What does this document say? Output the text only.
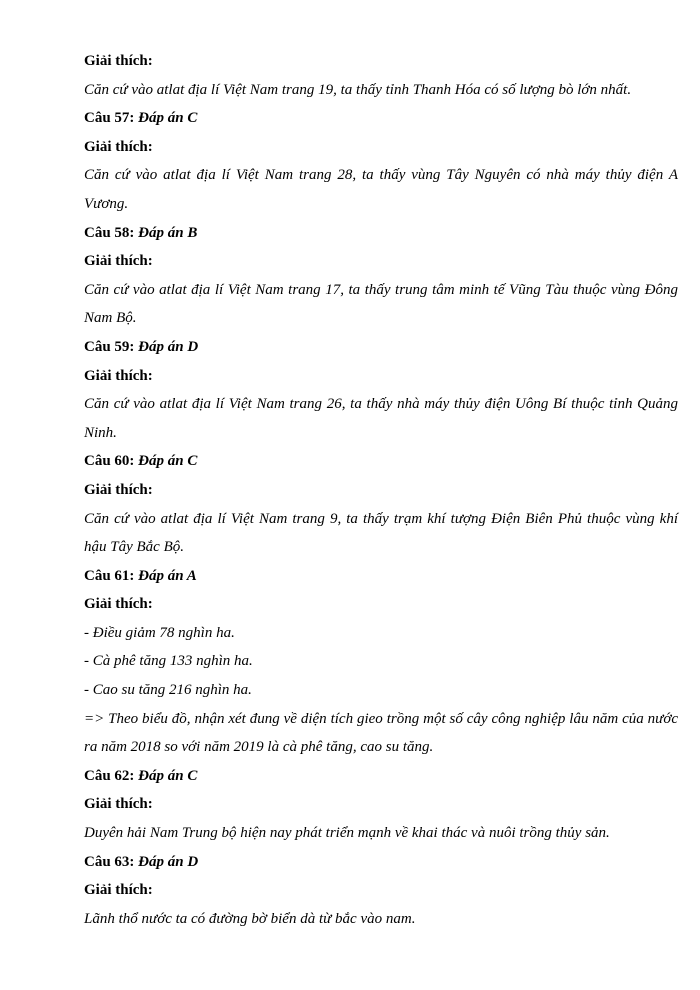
Giải thích:

Căn cứ vào atlat địa lí Việt Nam trang 19, ta thấy tỉnh Thanh Hóa có số lượng bò lớn nhất.

Câu 57: Đáp án C

Giải thích:

Căn cứ vào atlat địa lí Việt Nam trang 28, ta thấy vùng Tây Nguyên có nhà máy thủy điện A Vương.

Câu 58: Đáp án B

Giải thích:

Căn cứ vào atlat địa lí Việt Nam trang 17, ta thấy trung tâm minh tế Vũng Tàu thuộc vùng Đông Nam Bộ.

Câu 59: Đáp án D

Giải thích:

Căn cứ vào atlat địa lí Việt Nam trang 26, ta thấy nhà máy thủy điện Uông Bí thuộc tỉnh Quảng Ninh.

Câu 60: Đáp án C

Giải thích:

Căn cứ vào atlat địa lí Việt Nam trang 9, ta thấy trạm khí tượng Điện Biên Phủ thuộc vùng khí hậu Tây Bắc Bộ.

Câu 61: Đáp án A

Giải thích:

- Điều giảm 78 nghìn ha.

- Cà phê tăng 133 nghìn ha.

- Cao su tăng 216 nghìn ha.

=> Theo biểu đồ, nhận xét đung về diện tích gieo trồng một số cây công nghiệp lâu năm của nước ra năm 2018 so với năm 2019 là cà phê tăng, cao su tăng.

Câu 62: Đáp án C

Giải thích:

Duyên hải Nam Trung bộ hiện nay phát triển mạnh về khai thác và nuôi trồng thủy sản.

Câu 63: Đáp án D

Giải thích:

Lãnh thổ nước ta có đường bờ biển dà từ bắc vào nam.
